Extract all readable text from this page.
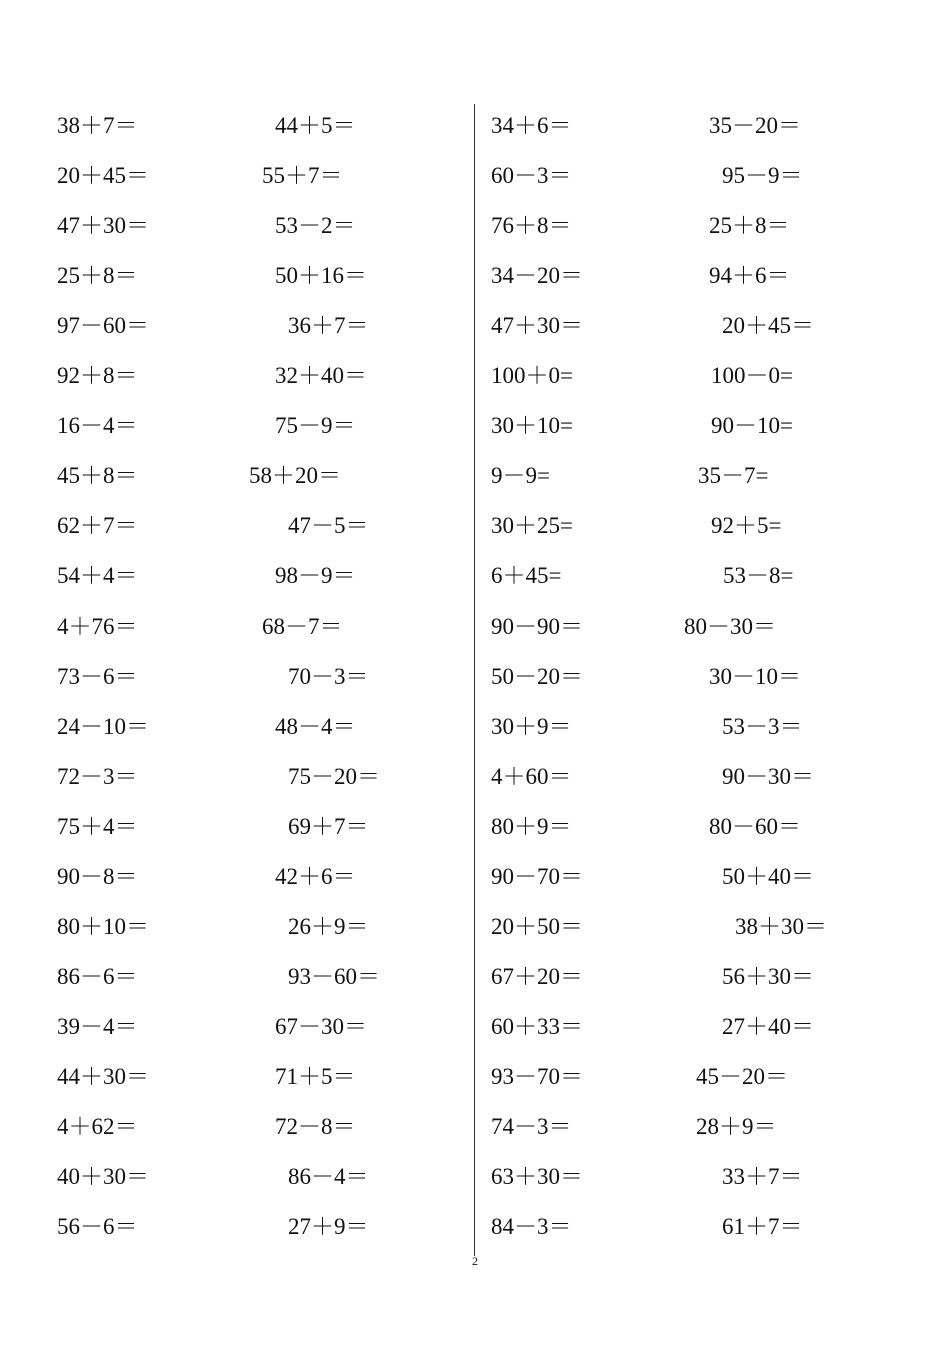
38＋7＝	44＋5＝	34＋6＝	35－20＝
20＋45＝	55＋7＝	60－3＝	95－9＝
47＋30＝	53－2＝	76＋8＝	25＋8＝
25＋8＝	50＋16＝	34－20＝	94＋6＝
97－60＝	36＋7＝	47＋30＝	20＋45＝
92＋8＝	32＋40＝	100＋0=	100－0=
16－4＝	75－9＝	30＋10=	90－10=
45＋8＝	58＋20＝	9－9=	35－7=
62＋7＝	47－5＝	30＋25=	92＋5=
54＋4＝	98－9＝	6＋45=	53－8=
4＋76＝	68－7＝	90－90＝	80－30＝
73－6＝	70－3＝	50－20＝	30－10＝
24－10＝	48－4＝	30＋9＝	53－3＝
72－3＝	75－20＝	4＋60＝	90－30＝
75＋4＝	69＋7＝	80＋9＝	80－60＝
90－8＝	42＋6＝	90－70＝	50＋40＝
80＋10＝	26＋9＝	20＋50＝	38＋30＝
86－6＝	93－60＝	67＋20＝	56＋30＝
39－4＝	67－30＝	60＋33＝	27＋40＝
44＋30＝	71＋5＝	93－70＝	45－20＝
4＋62＝	72－8＝	74－3＝	28＋9＝
40＋30＝	86－4＝	63＋30＝	33＋7＝
56－6＝	27＋9＝	84－3＝	61＋7＝
2
